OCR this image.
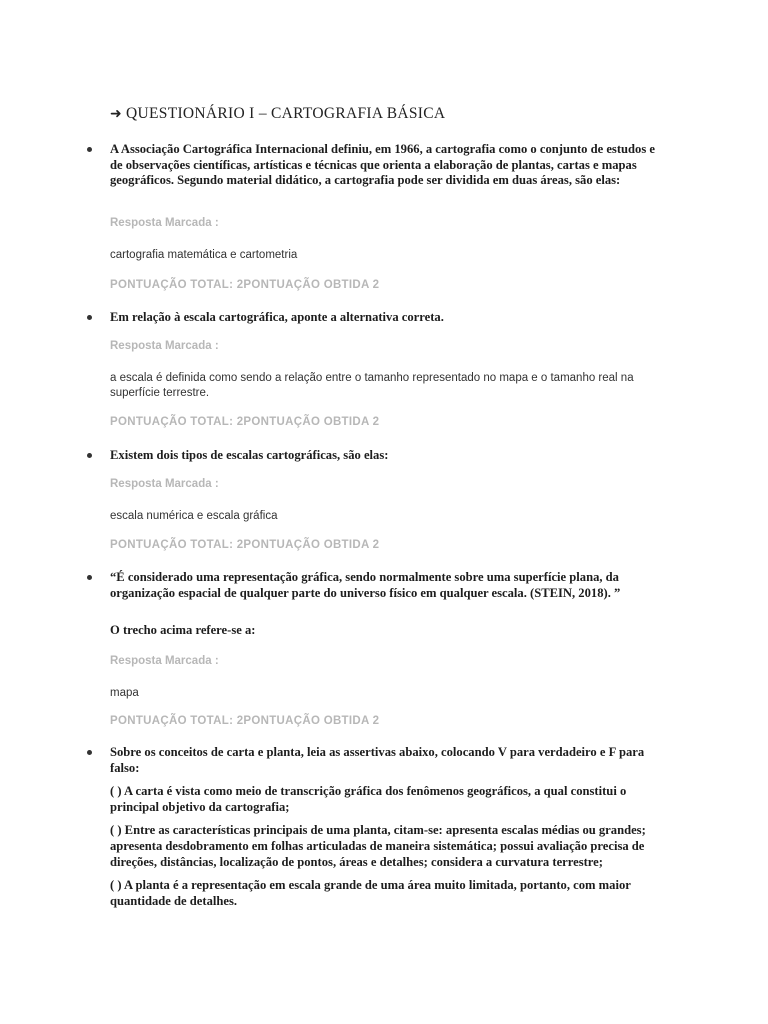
➜ QUESTIONÁRIO I – CARTOGRAFIA BÁSICA

A Associação Cartográfica Internacional definiu, em 1966, a cartografia como o conjunto de estudos e de observações científicas, artísticas e técnicas que orienta a elaboração de plantas, cartas e mapas geográficos. Segundo material didático, a cartografia pode ser dividida em duas áreas, são elas:

Resposta Marcada :

cartografia matemática e cartometria

PONTUAÇÃO TOTAL: 2PONTUAÇÃO OBTIDA 2

Em relação à escala cartográfica, aponte a alternativa correta.

Resposta Marcada :

a escala é definida como sendo a relação entre o tamanho representado no mapa e o tamanho real na superfície terrestre.

PONTUAÇÃO TOTAL: 2PONTUAÇÃO OBTIDA 2

Existem dois tipos de escalas cartográficas, são elas:

Resposta Marcada :

escala numérica e escala gráfica

PONTUAÇÃO TOTAL: 2PONTUAÇÃO OBTIDA 2

“É considerado uma representação gráfica, sendo normalmente sobre uma superfície plana, da organização espacial de qualquer parte do universo físico em qualquer escala. (STEIN, 2018). ”

O trecho acima refere-se a:

Resposta Marcada :

mapa

PONTUAÇÃO TOTAL: 2PONTUAÇÃO OBTIDA 2

Sobre os conceitos de carta e planta, leia as assertivas abaixo, colocando V para verdadeiro e F para falso:

( ) A carta é vista como meio de transcrição gráfica dos fenômenos geográficos, a qual constitui o principal objetivo da cartografia;

( ) Entre as características principais de uma planta, citam-se: apresenta escalas médias ou grandes; apresenta desdobramento em folhas articuladas de maneira sistemática; possui avaliação precisa de direções, distâncias, localização de pontos, áreas e detalhes; considera a curvatura terrestre;

( ) A planta é a representação em escala grande de uma área muito limitada, portanto, com maior quantidade de detalhes.
